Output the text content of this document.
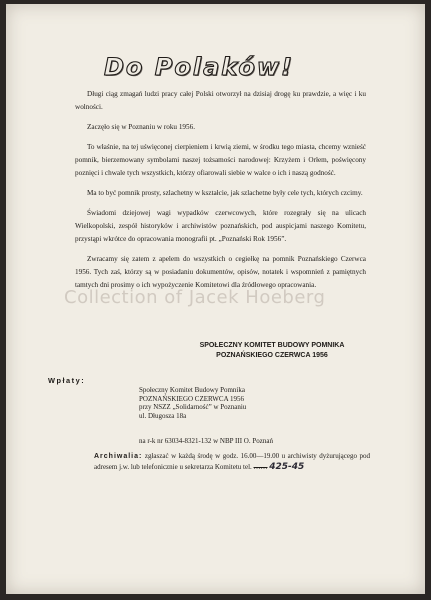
Do Polaków!

Długi ciąg zmagań ludzi pracy całej Polski otworzył na dzisiaj drogę ku prawdzie, a więc i ku wolności.

Zaczęło się w Poznaniu w roku 1956.

To właśnie, na tej uświęconej cierpieniem i krwią ziemi, w środku tego miasta, chcemy wznieść pomnik, bierzemowany symbolami naszej tożsamości narodowej: Krzyżem i Orłem, poświęcony poznięci i chwale tych wszystkich, którzy ofiarowali siebie w walce o ich i naszą godność.

Ma to być pomnik prosty, szlachetny w kształcie, jak szlachetne były cele tych, których czcimy.

Świadomi dziejowej wagi wypadków czerwcowych, które rozegrały się na ulicach Wielkopolski, zespół historyków i archiwistów poznańskich, pod auspicjami naszego Komitetu, przystąpi wkrótce do opracowania monografii pt. „Poznański Rok 1956”.

Zwracamy się zatem z apelem do wszystkich o cegiełkę na pomnik Poznańskiego Czerwca 1956. Tych zaś, którzy są w posiadaniu dokumentów, opisów, notatek i wspomnień z pamiętnych tamtych dni prosimy o ich wypożyczenie Komitetowi dla źródłowego opracowania.

Collection of Jacek Hoeberg
SPOŁECZNY KOMITET BUDOWY POMNIKA
POZNAŃSKIEGO CZERWCA 1956
Wpłaty:
Społeczny Komitet Budowy Pomnika
POZNAŃSKIEGO CZERWCA 1956
przy NSZZ „Solidarność” w Poznaniu
ul. Długosza 18a
na r-k nr 63034-8321-132 w NBP III O. Poznań
Archiwalia: zgłaszać w każdą środę w godz. 16.00—19.00 u archiwisty dyżurującego pod adresem j.w. lub telefonicznie u sekretarza Komitetu tel. …… 425-45
